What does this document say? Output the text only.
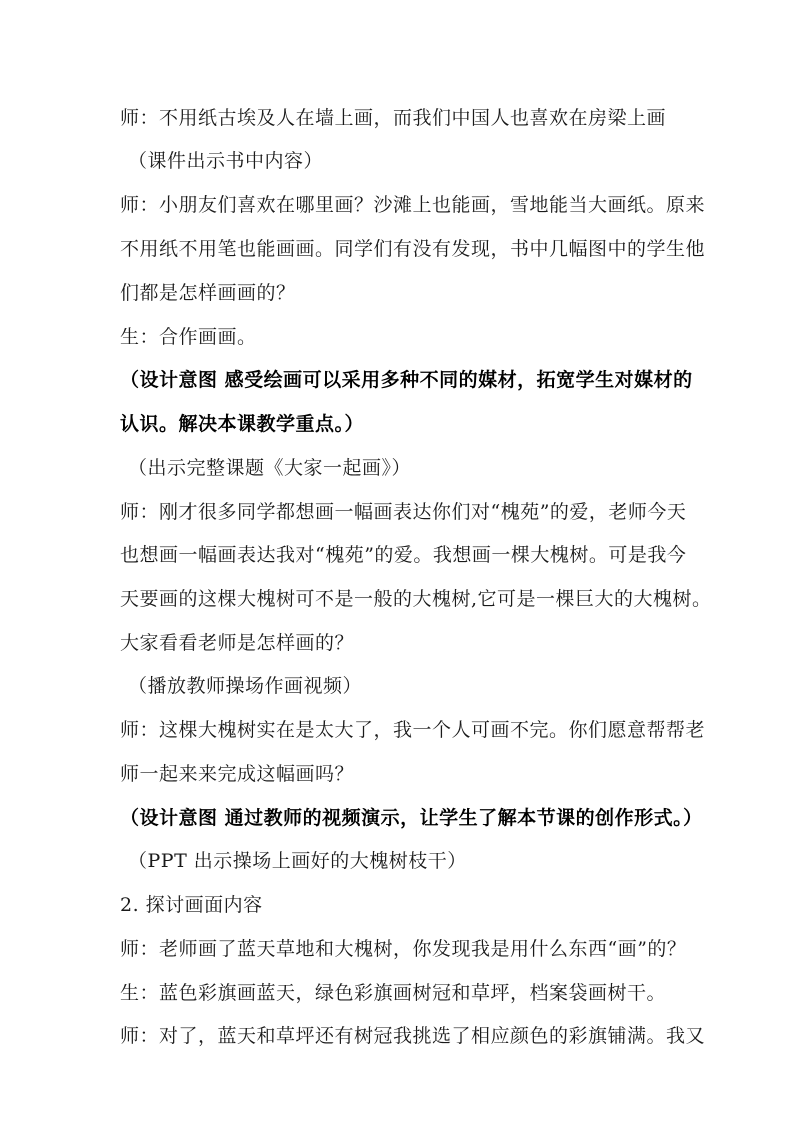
师：不用纸古埃及人在墙上画，而我们中国人也喜欢在房梁上画
（课件出示书中内容）
师：小朋友们喜欢在哪里画？沙滩上也能画，雪地能当大画纸。原来
不用纸不用笔也能画画。同学们有没有发现，书中几幅图中的学生他
们都是怎样画画的？
生：合作画画。
（设计意图 感受绘画可以采用多种不同的媒材，拓宽学生对媒材的
认识。解决本课教学重点。）
（出示完整课题《大家一起画》）
师：刚才很多同学都想画一幅画表达你们对“槐苑”的爱，老师今天
也想画一幅画表达我对“槐苑”的爱。我想画一棵大槐树。可是我今
天要画的这棵大槐树可不是一般的大槐树,它可是一棵巨大的大槐树。
大家看看老师是怎样画的？
（播放教师操场作画视频）
师：这棵大槐树实在是太大了，我一个人可画不完。你们愿意帮帮老
师一起来来完成这幅画吗？
（设计意图 通过教师的视频演示，让学生了解本节课的创作形式。）
（PPT 出示操场上画好的大槐树枝干）
2. 探讨画面内容
师：老师画了蓝天草地和大槐树，你发现我是用什么东西“画”的？
生：蓝色彩旗画蓝天，绿色彩旗画树冠和草坪，档案袋画树干。
师：对了，蓝天和草坪还有树冠我挑选了相应颜色的彩旗铺满。我又
